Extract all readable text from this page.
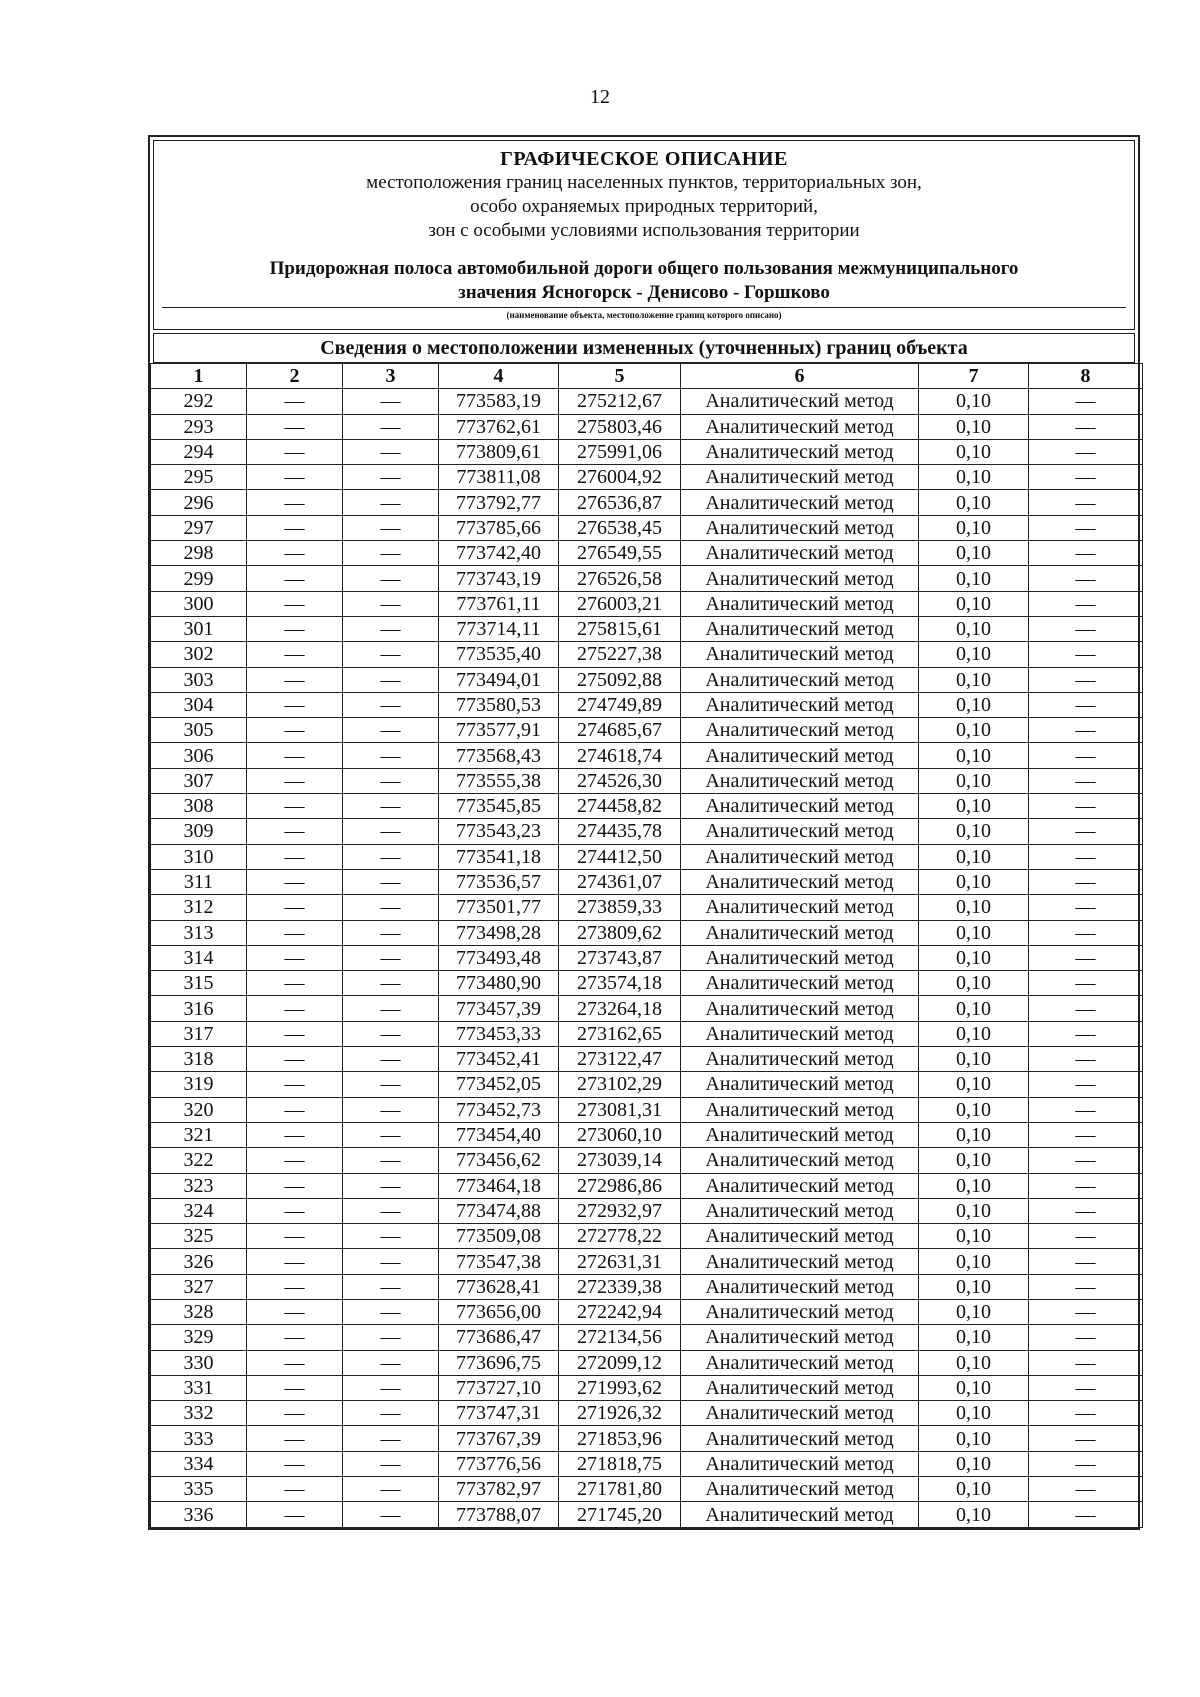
12
ГРАФИЧЕСКОЕ ОПИСАНИЕ
местоположения границ населенных пунктов, территориальных зон,
особо охраняемых природных территорий,
зон с особыми условиями использования территории
Придорожная полоса автомобильной дороги общего пользования межмуниципального
значения Ясногорск - Денисово - Горшково
(наименование объекта, местоположение границ которого описано)
Сведения о местоположении измененных (уточненных) границ объекта
1	2	3	4	5	6	7	8
292	—	—	773583,19	275212,67	Аналитический метод	0,10	—
293	—	—	773762,61	275803,46	Аналитический метод	0,10	—
294	—	—	773809,61	275991,06	Аналитический метод	0,10	—
295	—	—	773811,08	276004,92	Аналитический метод	0,10	—
296	—	—	773792,77	276536,87	Аналитический метод	0,10	—
297	—	—	773785,66	276538,45	Аналитический метод	0,10	—
298	—	—	773742,40	276549,55	Аналитический метод	0,10	—
299	—	—	773743,19	276526,58	Аналитический метод	0,10	—
300	—	—	773761,11	276003,21	Аналитический метод	0,10	—
301	—	—	773714,11	275815,61	Аналитический метод	0,10	—
302	—	—	773535,40	275227,38	Аналитический метод	0,10	—
303	—	—	773494,01	275092,88	Аналитический метод	0,10	—
304	—	—	773580,53	274749,89	Аналитический метод	0,10	—
305	—	—	773577,91	274685,67	Аналитический метод	0,10	—
306	—	—	773568,43	274618,74	Аналитический метод	0,10	—
307	—	—	773555,38	274526,30	Аналитический метод	0,10	—
308	—	—	773545,85	274458,82	Аналитический метод	0,10	—
309	—	—	773543,23	274435,78	Аналитический метод	0,10	—
310	—	—	773541,18	274412,50	Аналитический метод	0,10	—
311	—	—	773536,57	274361,07	Аналитический метод	0,10	—
312	—	—	773501,77	273859,33	Аналитический метод	0,10	—
313	—	—	773498,28	273809,62	Аналитический метод	0,10	—
314	—	—	773493,48	273743,87	Аналитический метод	0,10	—
315	—	—	773480,90	273574,18	Аналитический метод	0,10	—
316	—	—	773457,39	273264,18	Аналитический метод	0,10	—
317	—	—	773453,33	273162,65	Аналитический метод	0,10	—
318	—	—	773452,41	273122,47	Аналитический метод	0,10	—
319	—	—	773452,05	273102,29	Аналитический метод	0,10	—
320	—	—	773452,73	273081,31	Аналитический метод	0,10	—
321	—	—	773454,40	273060,10	Аналитический метод	0,10	—
322	—	—	773456,62	273039,14	Аналитический метод	0,10	—
323	—	—	773464,18	272986,86	Аналитический метод	0,10	—
324	—	—	773474,88	272932,97	Аналитический метод	0,10	—
325	—	—	773509,08	272778,22	Аналитический метод	0,10	—
326	—	—	773547,38	272631,31	Аналитический метод	0,10	—
327	—	—	773628,41	272339,38	Аналитический метод	0,10	—
328	—	—	773656,00	272242,94	Аналитический метод	0,10	—
329	—	—	773686,47	272134,56	Аналитический метод	0,10	—
330	—	—	773696,75	272099,12	Аналитический метод	0,10	—
331	—	—	773727,10	271993,62	Аналитический метод	0,10	—
332	—	—	773747,31	271926,32	Аналитический метод	0,10	—
333	—	—	773767,39	271853,96	Аналитический метод	0,10	—
334	—	—	773776,56	271818,75	Аналитический метод	0,10	—
335	—	—	773782,97	271781,80	Аналитический метод	0,10	—
336	—	—	773788,07	271745,20	Аналитический метод	0,10	—
